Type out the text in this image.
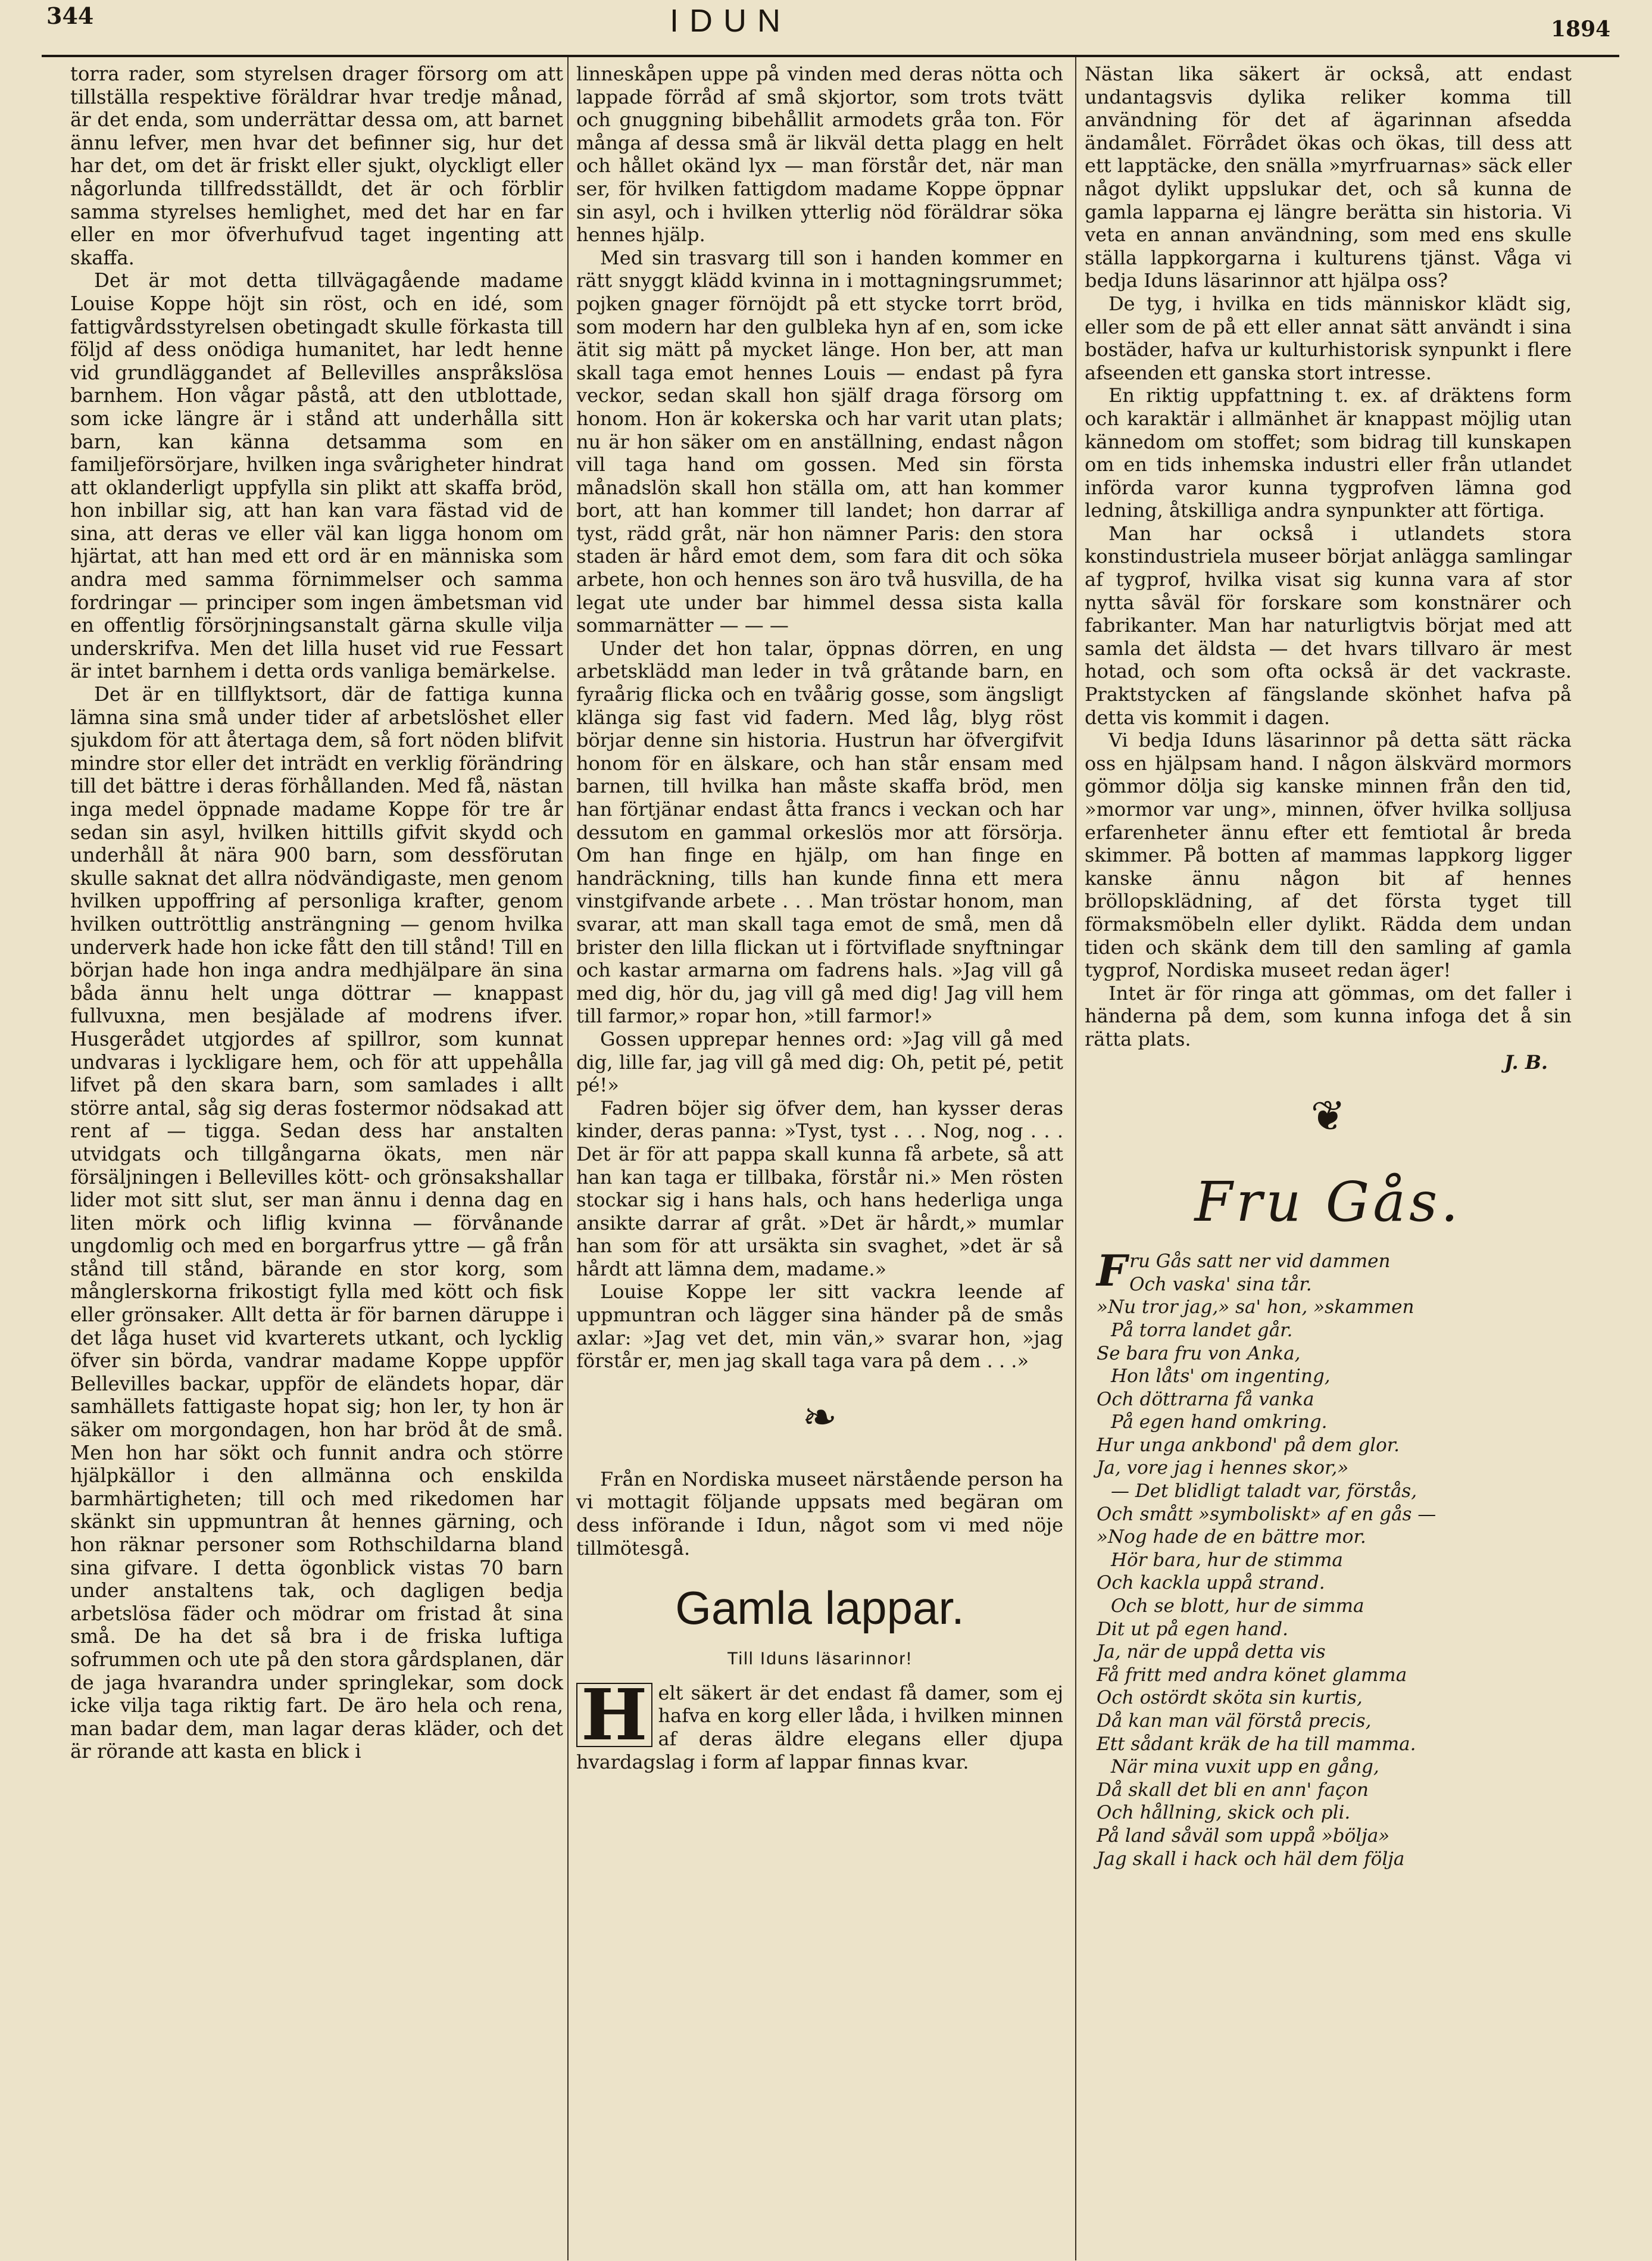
344	IDUN	1894

torra rader, som styrelsen drager försorg om att tillställa respektive föräldrar hvar tredje månad, är det enda, som underrättar dessa om, att barnet ännu lefver, men hvar det befinner sig, hur det har det, om det är friskt eller sjukt, olyckligt eller någorlunda tillfredsställdt, det är och förblir samma styrelses hemlighet, med det har en far eller en mor öfverhufvud taget ingenting att skaffa.

Det är mot detta tillvägagående madame Louise Koppe höjt sin röst, och en idé, som fattigvårdsstyrelsen obetingadt skulle förkasta till följd af dess onödiga humanitet, har ledt henne vid grundläggandet af Bellevilles anspråkslösa barnhem. Hon vågar påstå, att den utblottade, som icke längre är i stånd att underhålla sitt barn, kan känna detsamma som en familjeförsörjare, hvilken inga svårigheter hindrat att oklanderligt uppfylla sin plikt att skaffa bröd, hon inbillar sig, att han kan vara fästad vid de sina, att deras ve eller väl kan ligga honom om hjärtat, att han med ett ord är en människa som andra med samma förnimmelser och samma fordringar — principer som ingen ämbetsman vid en offentlig försörjningsanstalt gärna skulle vilja underskrifva. Men det lilla huset vid rue Fessart är intet barnhem i detta ords vanliga bemärkelse.

Det är en tillflyktsort, där de fattiga kunna lämna sina små under tider af arbetslöshet eller sjukdom för att återtaga dem, så fort nöden blifvit mindre stor eller det inträdt en verklig förändring till det bättre i deras förhållanden. Med få, nästan inga medel öppnade madame Koppe för tre år sedan sin asyl, hvilken hittills gifvit skydd och underhåll åt nära 900 barn, som dessförutan skulle saknat det allra nödvändigaste, men genom hvilken uppoffring af personliga krafter, genom hvilken outtröttlig ansträngning — genom hvilka underverk hade hon icke fått den till stånd! Till en början hade hon inga andra medhjälpare än sina båda ännu helt unga döttrar — knappast fullvuxna, men besjälade af modrens ifver. Husgerådet utgjordes af spillror, som kunnat undvaras i lyckligare hem, och för att uppehålla lifvet på den skara barn, som samlades i allt större antal, såg sig deras fostermor nödsakad att rent af — tigga. Sedan dess har anstalten utvidgats och tillgångarna ökats, men när försäljningen i Bellevilles kött- och grönsakshallar lider mot sitt slut, ser man ännu i denna dag en liten mörk och liflig kvinna — förvånande ungdomlig och med en borgarfrus yttre — gå från stånd till stånd, bärande en stor korg, som månglerskorna frikostigt fylla med kött och fisk eller grönsaker. Allt detta är för barnen däruppe i det låga huset vid kvarterets utkant, och lycklig öfver sin börda, vandrar madame Koppe uppför Bellevilles backar, uppför de eländets hopar, där samhällets fattigaste hopat sig; hon ler, ty hon är säker om morgondagen, hon har bröd åt de små. Men hon har sökt och funnit andra och större hjälpkällor i den allmänna och enskilda barmhärtigheten; till och med rikedomen har skänkt sin uppmuntran åt hennes gärning, och hon räknar personer som Rothschildarna bland sina gifvare. I detta ögonblick vistas 70 barn under anstaltens tak, och dagligen bedja arbetslösa fäder och mödrar om fristad åt sina små. De ha det så bra i de friska luftiga sofrummen och ute på den stora gårdsplanen, där de jaga hvarandra under springlekar, som dock icke vilja taga riktig fart. De äro hela och rena, man badar dem, man lagar deras kläder, och det är rörande att kasta en blick i

linneskåpen uppe på vinden med deras nötta och lappade förråd af små skjortor, som trots tvätt och gnuggning bibehållit armodets gråa ton. För många af dessa små är likväl detta plagg en helt och hållet okänd lyx — man förstår det, när man ser, för hvilken fattigdom madame Koppe öppnar sin asyl, och i hvilken ytterlig nöd föräldrar söka hennes hjälp.

Med sin trasvarg till son i handen kommer en rätt snyggt klädd kvinna in i mottagningsrummet; pojken gnager förnöjdt på ett stycke torrt bröd, som modern har den gulbleka hyn af en, som icke ätit sig mätt på mycket länge. Hon ber, att man skall taga emot hennes Louis — endast på fyra veckor, sedan skall hon själf draga försorg om honom. Hon är kokerska och har varit utan plats; nu är hon säker om en anställning, endast någon vill taga hand om gossen. Med sin första månadslön skall hon ställa om, att han kommer bort, att han kommer till landet; hon darrar af tyst, rädd gråt, när hon nämner Paris: den stora staden är hård emot dem, som fara dit och söka arbete, hon och hennes son äro två husvilla, de ha legat ute under bar himmel dessa sista kalla sommarnätter — — —

Under det hon talar, öppnas dörren, en ung arbetsklädd man leder in två gråtande barn, en fyraårig flicka och en tvåårig gosse, som ängsligt klänga sig fast vid fadern. Med låg, blyg röst börjar denne sin historia. Hustrun har öfvergifvit honom för en älskare, och han står ensam med barnen, till hvilka han måste skaffa bröd, men han förtjänar endast åtta francs i veckan och har dessutom en gammal orkeslös mor att försörja. Om han finge en hjälp, om han finge en handräckning, tills han kunde finna ett mera vinstgifvande arbete . . . Man tröstar honom, man svarar, att man skall taga emot de små, men då brister den lilla flickan ut i förtviflade snyftningar och kastar armarna om fadrens hals. »Jag vill gå med dig, hör du, jag vill gå med dig! Jag vill hem till farmor,» ropar hon, »till farmor!»

Gossen upprepar hennes ord: »Jag vill gå med dig, lille far, jag vill gå med dig: Oh, petit pé, petit pé!»

Fadren böjer sig öfver dem, han kysser deras kinder, deras panna: »Tyst, tyst . . . Nog, nog . . . Det är för att pappa skall kunna få arbete, så att han kan taga er tillbaka, förstår ni.» Men rösten stockar sig i hans hals, och hans hederliga unga ansikte darrar af gråt. »Det är hårdt,» mumlar han som för att ursäkta sin svaghet, »det är så hårdt att lämna dem, madame.»

Louise Koppe ler sitt vackra leende af uppmuntran och lägger sina händer på de smås axlar: »Jag vet det, min vän,» svarar hon, »jag förstår er, men jag skall taga vara på dem . . .»

❧

Från en Nordiska museet närstående person ha vi mottagit följande uppsats med begäran om dess införande i Idun, något som vi med nöje tillmötesgå.

Gamla lappar.
Till Iduns läsarinnor!

H elt säkert är det endast få damer, som ej hafva en korg eller låda, i hvilken minnen af deras äldre elegans eller djupa hvardagslag i form af lappar finnas kvar.

Nästan lika säkert är också, att endast undantagsvis dylika reliker komma till användning för det af ägarinnan afsedda ändamålet. Förrådet ökas och ökas, till dess att ett lapptäcke, den snälla »myrfruarnas» säck eller något dylikt uppslukar det, och så kunna de gamla lapparna ej längre berätta sin historia. Vi veta en annan användning, som med ens skulle ställa lappkorgarna i kulturens tjänst. Våga vi bedja Iduns läsarinnor att hjälpa oss?

De tyg, i hvilka en tids människor klädt sig, eller som de på ett eller annat sätt användt i sina bostäder, hafva ur kulturhistorisk synpunkt i flere afseenden ett ganska stort intresse.

En riktig uppfattning t. ex. af dräktens form och karaktär i allmänhet är knappast möjlig utan kännedom om stoffet; som bidrag till kunskapen om en tids inhemska industri eller från utlandet införda varor kunna tygprofven lämna god ledning, åtskilliga andra synpunkter att förtiga.

Man har också i utlandets stora konstindustriela museer börjat anlägga samlingar af tygprof, hvilka visat sig kunna vara af stor nytta såväl för forskare som konstnärer och fabrikanter. Man har naturligtvis börjat med att samla det äldsta — det hvars tillvaro är mest hotad, och som ofta också är det vackraste. Praktstycken af fängslande skönhet hafva på detta vis kommit i dagen.

Vi bedja Iduns läsarinnor på detta sätt räcka oss en hjälpsam hand. I någon älskvärd mormors gömmor dölja sig kanske minnen från den tid, »mormor var ung», minnen, öfver hvilka solljusa erfarenheter ännu efter ett femtiotal år breda skimmer. På botten af mammas lappkorg ligger kanske ännu någon bit af hennes bröllopsklädning, af det första tyget till förmaksmöbeln eller dylikt. Rädda dem undan tiden och skänk dem till den samling af gamla tygprof, Nordiska museet redan äger!

Intet är för ringa att gömmas, om det faller i händerna på dem, som kunna infoga det å sin rätta plats.

J. B.
❦
Fru Gås.
Fru Gås satt ner vid dammen
Och vaska' sina tår.
»Nu tror jag,» sa' hon, »skammen
På torra landet går.
Se bara fru von Anka,
Hon låts' om ingenting,
Och döttrarna få vanka
På egen hand omkring.
Hur unga ankbond' på dem glor.
Ja, vore jag i hennes skor,»
— Det blidligt taladt var, förstås,
Och smått »symboliskt» af en gås —
»Nog hade de en bättre mor.
Hör bara, hur de stimma
Och kackla uppå strand.
Och se blott, hur de simma
Dit ut på egen hand.
Ja, när de uppå detta vis
Få fritt med andra könet glamma
Och ostördt sköta sin kurtis,
Då kan man väl förstå precis,
Ett sådant kräk de ha till mamma.
När mina vuxit upp en gång,
Då skall det bli en ann' façon
Och hållning, skick och pli.
På land såväl som uppå »bölja»
Jag skall i hack och häl dem följa
